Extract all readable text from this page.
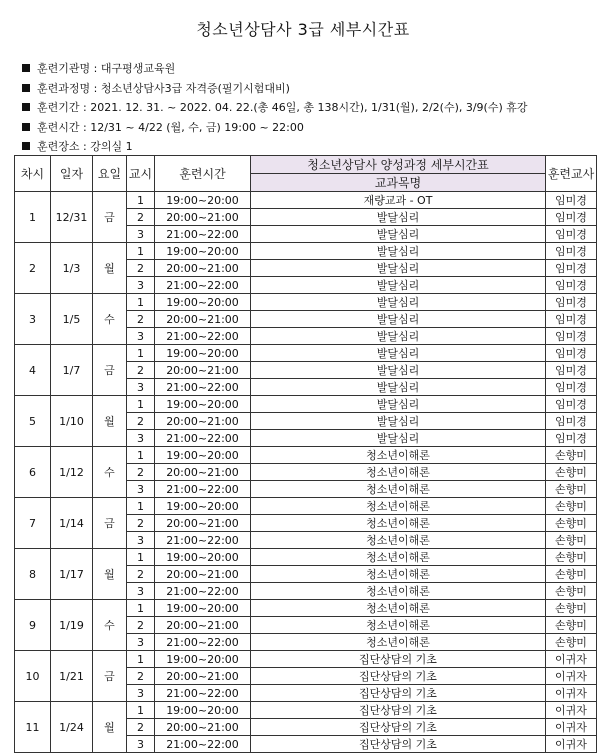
청소년상담사 3급 세부시간표
훈련기관명 : 대구평생교육원
훈련과정명 : 청소년상담사3급 자격증(필기시험대비)
훈련기간 : 2021. 12. 31. ~ 2022. 04. 22.(총 46일, 총 138시간), 1/31(월), 2/2(수), 3/9(수) 휴강
훈련시간 : 12/31 ~ 4/22 (월, 수, 금) 19:00 ~ 22:00
훈련장소 : 강의실 1
차시	일자	요일	교시	훈련시간	청소년상담사 양성과정 세부시간표	훈련교사
					교과목명	
1	12/31	금	1	19:00~20:00	재량교과 - OT	임미경
			2	20:00~21:00	발달심리	임미경
			3	21:00~22:00	발달심리	임미경
2	1/3	월	1	19:00~20:00	발달심리	임미경
			2	20:00~21:00	발달심리	임미경
			3	21:00~22:00	발달심리	임미경
3	1/5	수	1	19:00~20:00	발달심리	임미경
			2	20:00~21:00	발달심리	임미경
			3	21:00~22:00	발달심리	임미경
4	1/7	금	1	19:00~20:00	발달심리	임미경
			2	20:00~21:00	발달심리	임미경
			3	21:00~22:00	발달심리	임미경
5	1/10	월	1	19:00~20:00	발달심리	임미경
			2	20:00~21:00	발달심리	임미경
			3	21:00~22:00	발달심리	임미경
6	1/12	수	1	19:00~20:00	청소년이해론	손향미
			2	20:00~21:00	청소년이해론	손향미
			3	21:00~22:00	청소년이해론	손향미
7	1/14	금	1	19:00~20:00	청소년이해론	손향미
			2	20:00~21:00	청소년이해론	손향미
			3	21:00~22:00	청소년이해론	손향미
8	1/17	월	1	19:00~20:00	청소년이해론	손향미
			2	20:00~21:00	청소년이해론	손향미
			3	21:00~22:00	청소년이해론	손향미
9	1/19	수	1	19:00~20:00	청소년이해론	손향미
			2	20:00~21:00	청소년이해론	손향미
			3	21:00~22:00	청소년이해론	손향미
10	1/21	금	1	19:00~20:00	집단상담의 기초	이귀자
			2	20:00~21:00	집단상담의 기초	이귀자
			3	21:00~22:00	집단상담의 기초	이귀자
11	1/24	월	1	19:00~20:00	집단상담의 기초	이귀자
			2	20:00~21:00	집단상담의 기초	이귀자
			3	21:00~22:00	집단상담의 기초	이귀자
